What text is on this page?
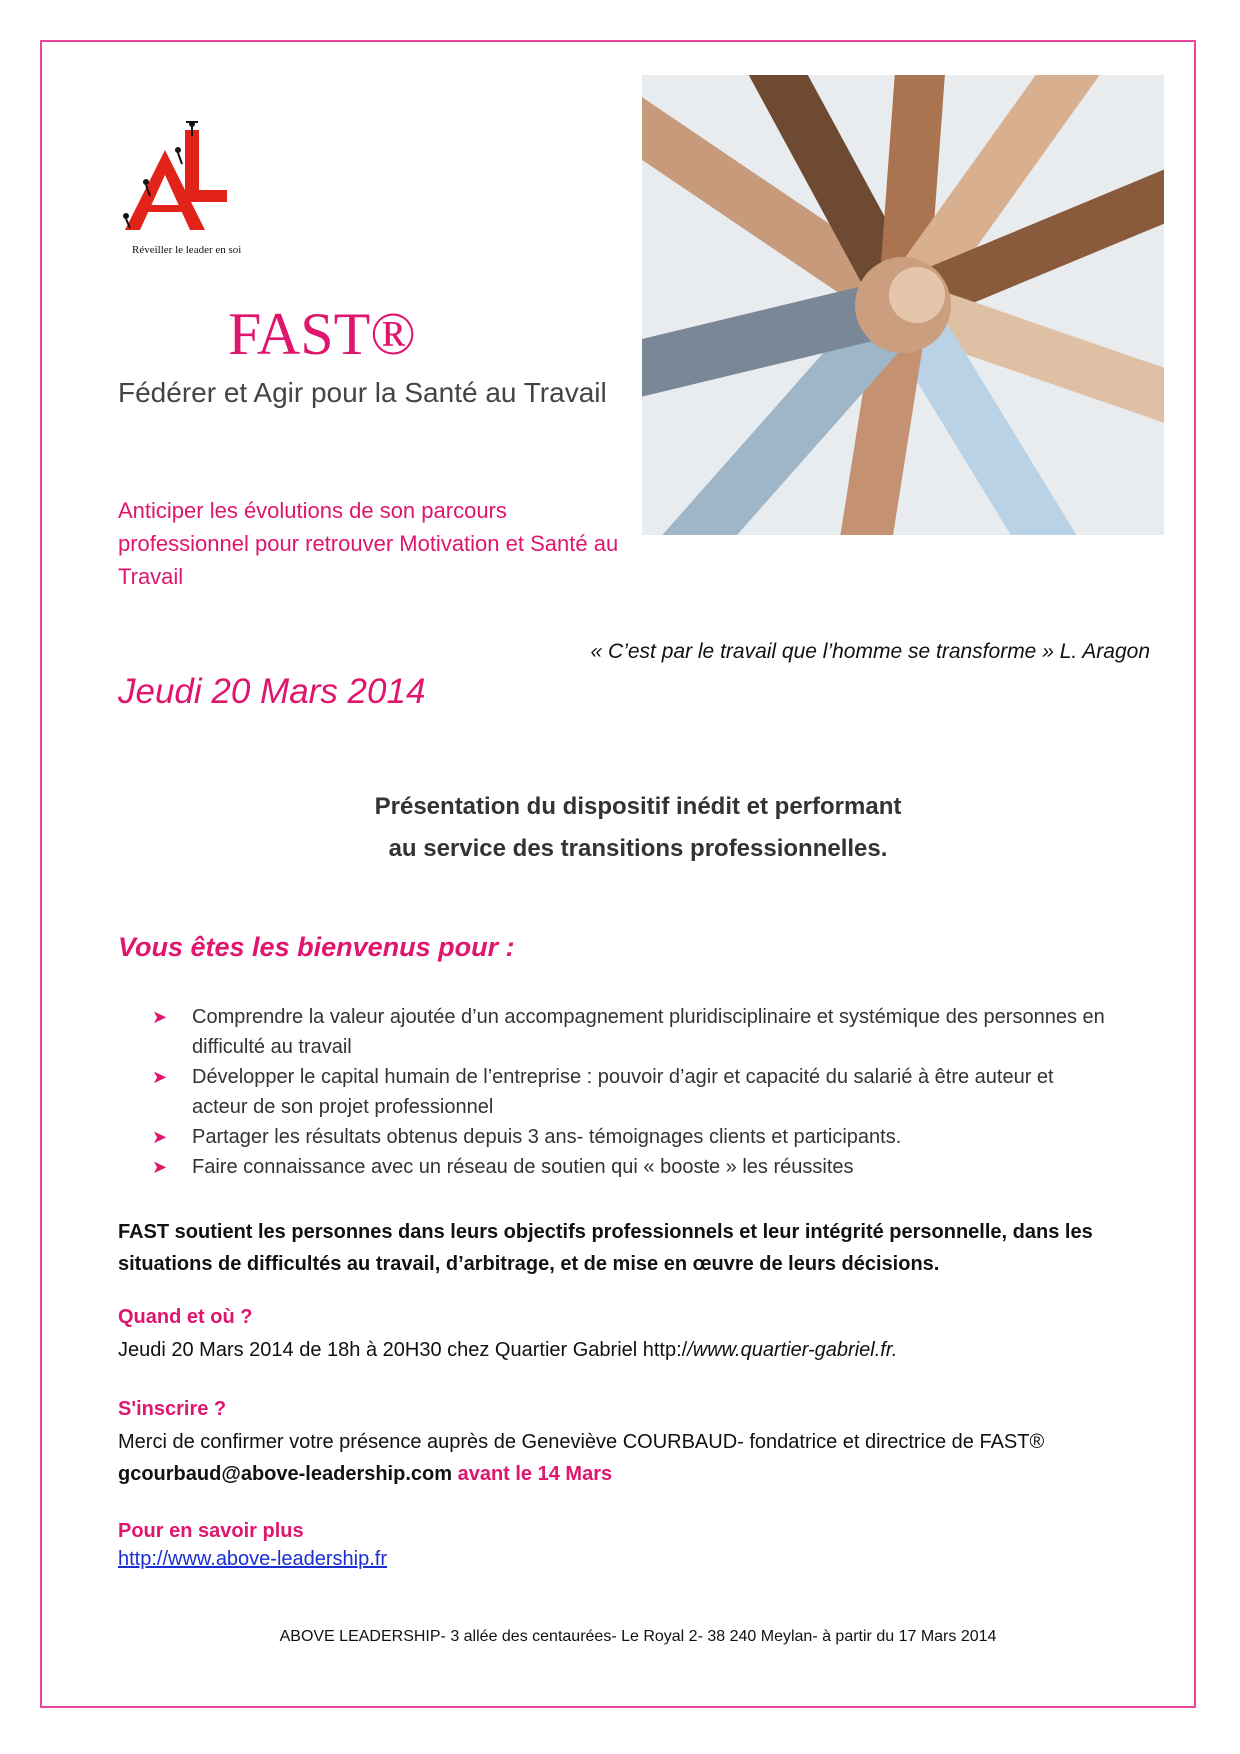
Réveiller le leader en soi
FAST®
Fédérer et Agir pour la Santé au Travail
Anticiper les évolutions de son parcours professionnel pour retrouver Motivation et Santé au Travail
« C’est par le travail que l’homme se transforme » L. Aragon
Jeudi 20 Mars 2014
Présentation du dispositif inédit et performant
au service des transitions professionnelles.
Vous êtes les bienvenus pour :
➤ Comprendre la valeur ajoutée d’un accompagnement pluridisciplinaire et systémique des personnes en difficulté au travail
➤ Développer le capital humain de l’entreprise : pouvoir d’agir et capacité du salarié à être auteur et acteur de son projet professionnel
➤ Partager les résultats obtenus depuis 3 ans- témoignages clients et participants.
➤ Faire connaissance avec un réseau de soutien qui « booste » les réussites
FAST soutient les personnes dans leurs objectifs professionnels et leur intégrité personnelle, dans les situations de difficultés au travail, d’arbitrage, et de mise en œuvre de leurs décisions.
Quand et où ?
Jeudi 20 Mars 2014 de 18h à 20H30 chez Quartier Gabriel http://www.quartier-gabriel.fr.
S'inscrire ?
Merci de confirmer votre présence auprès de Geneviève COURBAUD- fondatrice et directrice de FAST® gcourbaud@above-leadership.com avant le 14 Mars
Pour en savoir plus
http://www.above-leadership.fr
ABOVE LEADERSHIP- 3 allée des centaurées- Le Royal 2- 38 240 Meylan- à partir du 17 Mars 2014
